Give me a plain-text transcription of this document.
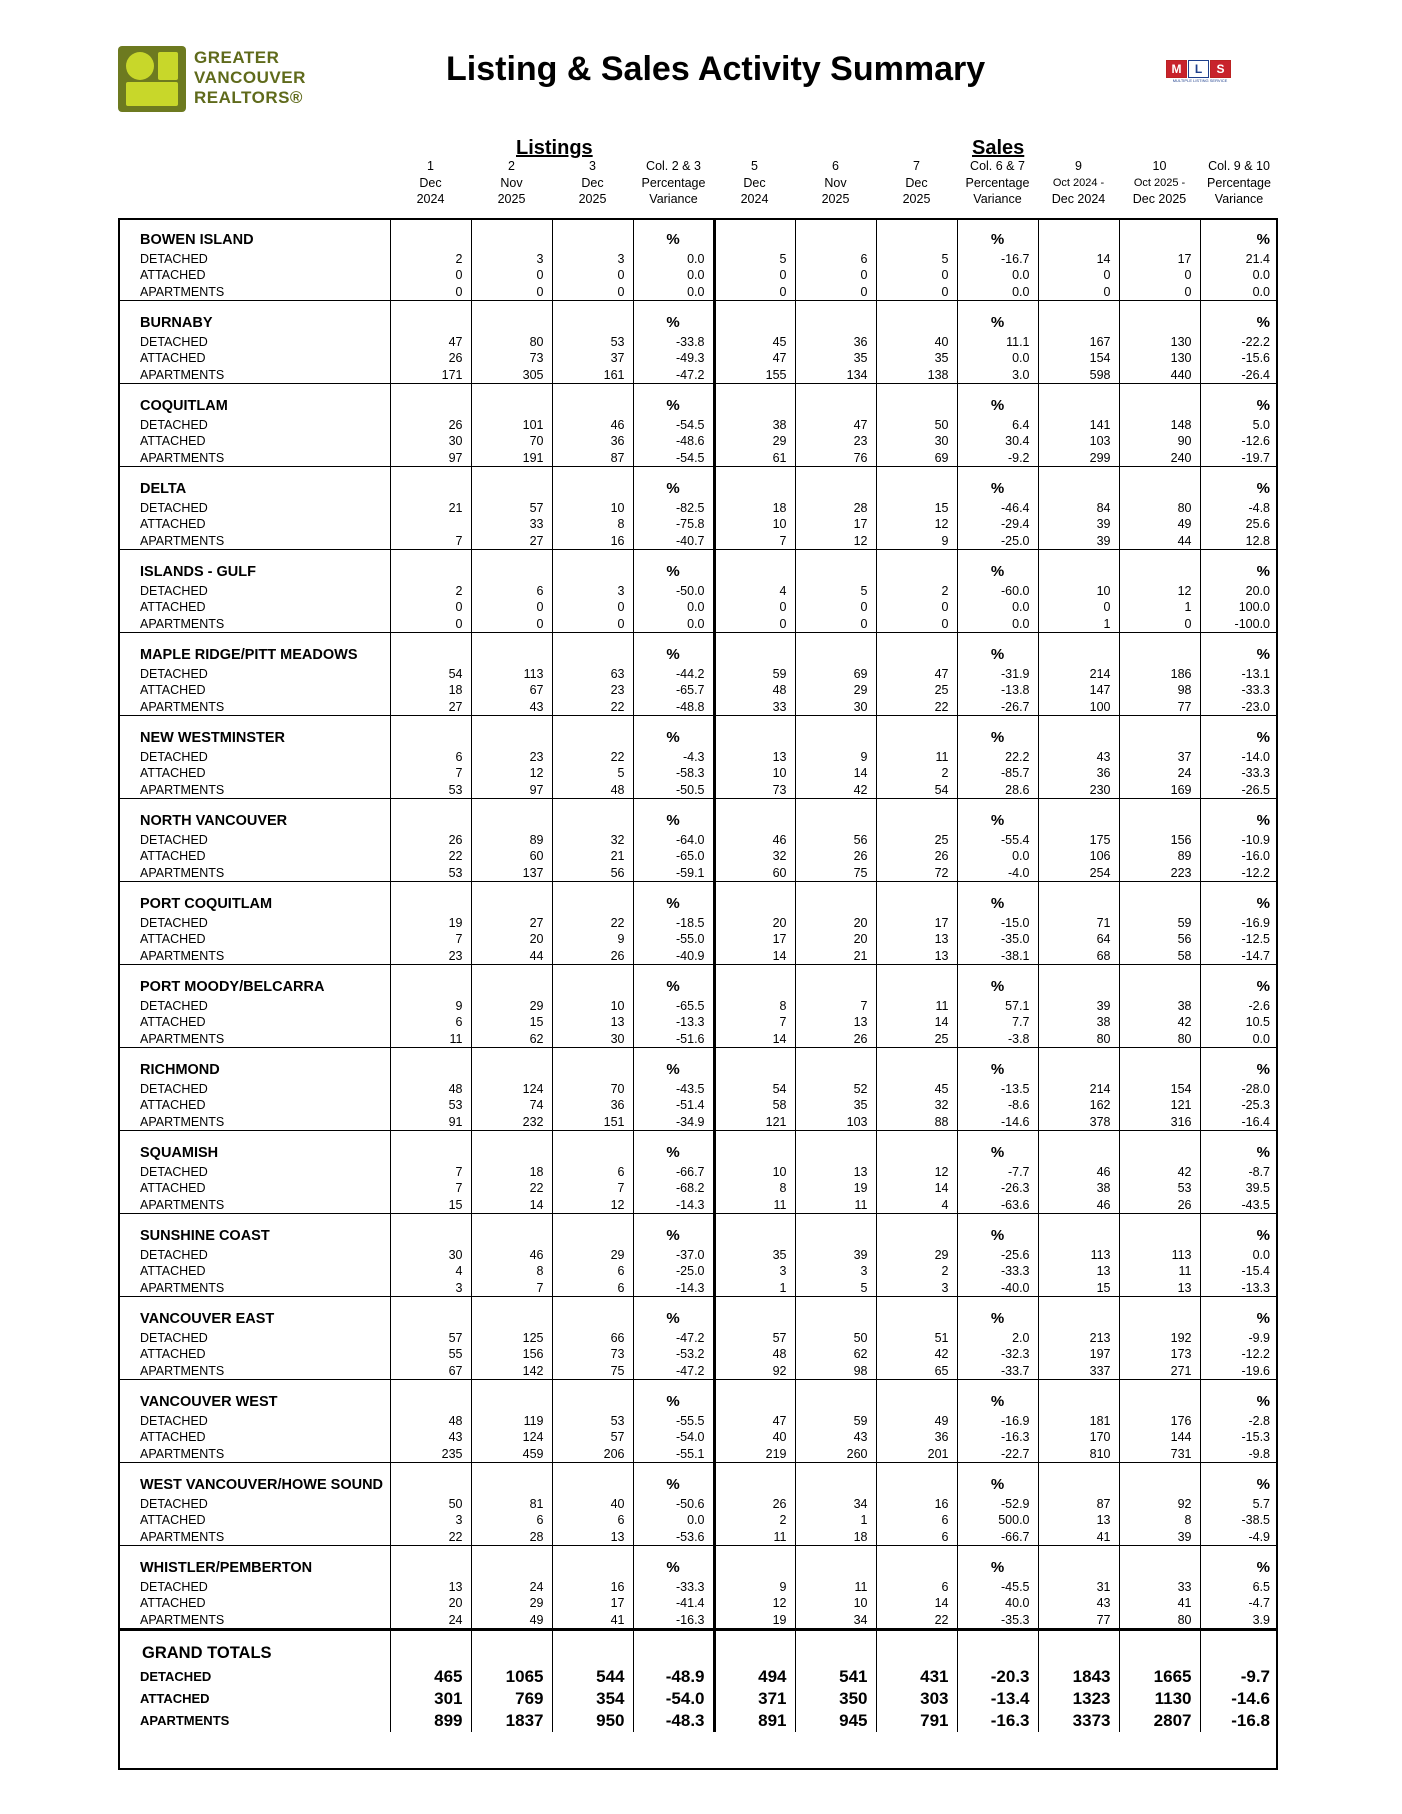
GREATER
VANCOUVER
REALTORS®
Listing & Sales Activity Summary	M	L	S
MULTIPLE LISTING SERVICE
Listings	Sales
1
Dec
2024
2
Nov
2025
3
Dec
2025
Col. 2 & 3
Percentage
Variance
5
Dec
2024
6
Nov
2025
7
Dec
2025
Col. 6 & 7
Percentage
Variance
9
Oct 2024 -
Dec 2024
10
Oct 2025 -
Dec 2025
Col. 9 & 10
Percentage
Variance
BOWEN ISLAND				%				%			%
DETACHED	2	3	3	0.0	5	6	5	-16.7	14	17	21.4
ATTACHED	0	0	0	0.0	0	0	0	0.0	0	0	0.0
APARTMENTS	0	0	0	0.0	0	0	0	0.0	0	0	0.0
BURNABY				%				%			%
DETACHED	47	80	53	-33.8	45	36	40	11.1	167	130	-22.2
ATTACHED	26	73	37	-49.3	47	35	35	0.0	154	130	-15.6
APARTMENTS	171	305	161	-47.2	155	134	138	3.0	598	440	-26.4
COQUITLAM				%				%			%
DETACHED	26	101	46	-54.5	38	47	50	6.4	141	148	5.0
ATTACHED	30	70	36	-48.6	29	23	30	30.4	103	90	-12.6
APARTMENTS	97	191	87	-54.5	61	76	69	-9.2	299	240	-19.7
DELTA				%				%			%
DETACHED	21	57	10	-82.5	18	28	15	-46.4	84	80	-4.8
ATTACHED		33	8	-75.8	10	17	12	-29.4	39	49	25.6
APARTMENTS	7	27	16	-40.7	7	12	9	-25.0	39	44	12.8
ISLANDS - GULF				%				%			%
DETACHED	2	6	3	-50.0	4	5	2	-60.0	10	12	20.0
ATTACHED	0	0	0	0.0	0	0	0	0.0	0	1	100.0
APARTMENTS	0	0	0	0.0	0	0	0	0.0	1	0	-100.0
MAPLE RIDGE/PITT MEADOWS				%				%			%
DETACHED	54	113	63	-44.2	59	69	47	-31.9	214	186	-13.1
ATTACHED	18	67	23	-65.7	48	29	25	-13.8	147	98	-33.3
APARTMENTS	27	43	22	-48.8	33	30	22	-26.7	100	77	-23.0
NEW WESTMINSTER				%				%			%
DETACHED	6	23	22	-4.3	13	9	11	22.2	43	37	-14.0
ATTACHED	7	12	5	-58.3	10	14	2	-85.7	36	24	-33.3
APARTMENTS	53	97	48	-50.5	73	42	54	28.6	230	169	-26.5
NORTH VANCOUVER				%				%			%
DETACHED	26	89	32	-64.0	46	56	25	-55.4	175	156	-10.9
ATTACHED	22	60	21	-65.0	32	26	26	0.0	106	89	-16.0
APARTMENTS	53	137	56	-59.1	60	75	72	-4.0	254	223	-12.2
PORT COQUITLAM				%				%			%
DETACHED	19	27	22	-18.5	20	20	17	-15.0	71	59	-16.9
ATTACHED	7	20	9	-55.0	17	20	13	-35.0	64	56	-12.5
APARTMENTS	23	44	26	-40.9	14	21	13	-38.1	68	58	-14.7
PORT MOODY/BELCARRA				%				%			%
DETACHED	9	29	10	-65.5	8	7	11	57.1	39	38	-2.6
ATTACHED	6	15	13	-13.3	7	13	14	7.7	38	42	10.5
APARTMENTS	11	62	30	-51.6	14	26	25	-3.8	80	80	0.0
RICHMOND				%				%			%
DETACHED	48	124	70	-43.5	54	52	45	-13.5	214	154	-28.0
ATTACHED	53	74	36	-51.4	58	35	32	-8.6	162	121	-25.3
APARTMENTS	91	232	151	-34.9	121	103	88	-14.6	378	316	-16.4
SQUAMISH				%				%			%
DETACHED	7	18	6	-66.7	10	13	12	-7.7	46	42	-8.7
ATTACHED	7	22	7	-68.2	8	19	14	-26.3	38	53	39.5
APARTMENTS	15	14	12	-14.3	11	11	4	-63.6	46	26	-43.5
SUNSHINE COAST				%				%			%
DETACHED	30	46	29	-37.0	35	39	29	-25.6	113	113	0.0
ATTACHED	4	8	6	-25.0	3	3	2	-33.3	13	11	-15.4
APARTMENTS	3	7	6	-14.3	1	5	3	-40.0	15	13	-13.3
VANCOUVER EAST				%				%			%
DETACHED	57	125	66	-47.2	57	50	51	2.0	213	192	-9.9
ATTACHED	55	156	73	-53.2	48	62	42	-32.3	197	173	-12.2
APARTMENTS	67	142	75	-47.2	92	98	65	-33.7	337	271	-19.6
VANCOUVER WEST				%				%			%
DETACHED	48	119	53	-55.5	47	59	49	-16.9	181	176	-2.8
ATTACHED	43	124	57	-54.0	40	43	36	-16.3	170	144	-15.3
APARTMENTS	235	459	206	-55.1	219	260	201	-22.7	810	731	-9.8
WEST VANCOUVER/HOWE SOUND				%				%			%
DETACHED	50	81	40	-50.6	26	34	16	-52.9	87	92	5.7
ATTACHED	3	6	6	0.0	2	1	6	500.0	13	8	-38.5
APARTMENTS	22	28	13	-53.6	11	18	6	-66.7	41	39	-4.9
WHISTLER/PEMBERTON				%				%			%
DETACHED	13	24	16	-33.3	9	11	6	-45.5	31	33	6.5
ATTACHED	20	29	17	-41.4	12	10	14	40.0	43	41	-4.7
APARTMENTS	24	49	41	-16.3	19	34	22	-35.3	77	80	3.9
GRAND TOTALS											
DETACHED	465	1065	544	-48.9	494	541	431	-20.3	1843	1665	-9.7
ATTACHED	301	769	354	-54.0	371	350	303	-13.4	1323	1130	-14.6
APARTMENTS	899	1837	950	-48.3	891	945	791	-16.3	3373	2807	-16.8
